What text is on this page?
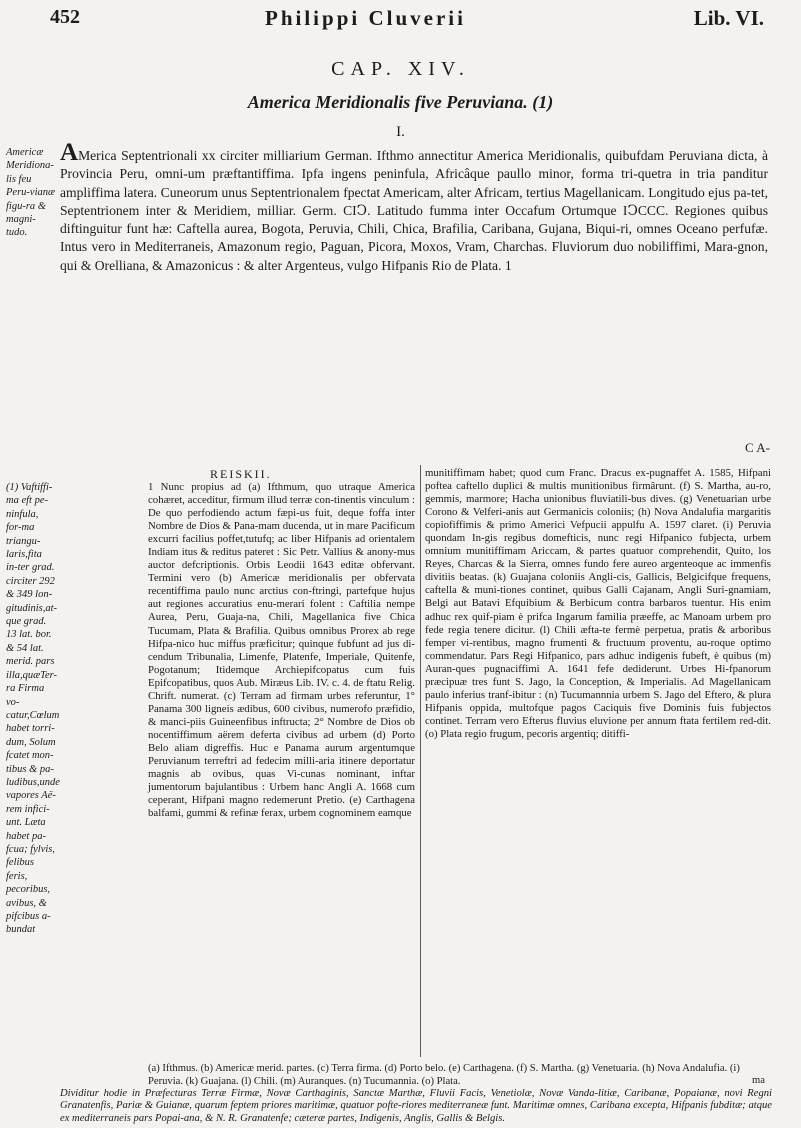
452	Philippi Cluverii	Lib. VI.
CAP. XIV.
America Meridionalis five Peruviana. (1)
I.
Americæ Meridiona-lis feu Peru-vianæ figu-ra & magni-tudo.
AMerica Septentrionali xx circiter milliarium German. Ifthmo annectitur America Meridionalis, quibufdam Peruviana dicta, à Provincia Peru, omni-um præftantiffima. Ipfa ingens peninfula, Africâque paullo minor, forma tri-quetra in tria panditur ampliffima latera. Cuneorum unus Septentrionalem fpectat Americam, alter Africam, tertius Magellanicam. Longitudo ejus pa-tet, Septentrionem inter & Meridiem, milliar. Germ. CIↃ. Latitudo fumma inter Occafum Ortumque IↃCCC. Regiones quibus diftinguitur funt hæ: Caftella aurea, Bogota, Peruvia, Chili, Chica, Brafilia, Caribana, Gujana, Biqui-ri, omnes Oceano perfufæ. Intus vero in Mediterraneis, Amazonum regio, Paguan, Picora, Moxos, Vram, Charchas. Fluviorum duo nobiliffimi, Mara-gnon, qui & Orelliana, & Amazonicus : & alter Argenteus, vulgo Hifpanis Rio de Plata. 1
C A-
REISKII.
(1) Vaftiffi-ma eft pe-ninfula, for-ma triangu-laris,fita in-ter grad. circiter 292 & 349 lon-gitudinis,at-que grad. 13 lat. bor. & 54 lat. merid. pars illa,quæTer-ra Firma vo-catur,Cœlum habet torri-dum, Solum fcatet mon-tibus & pa-ludibus,unde vapores Aë-rem infici-unt. Læta habet pa-fcua; fylvis, felibus feris, pecoribus, avibus, & pifcibus a-bundat
1 Nunc propius ad (a) Ifthmum, quo utraque America cohæret, acceditur, firmum illud terræ con-tinentis vinculum : De quo perfodiendo actum fæpi-us fuit, deque foffa inter Nombre de Dios & Pana-mam ducenda, ut in mare Pacificum excurri facilius poffet,tutufq; ac liber Hifpanis ad orientalem Indiam itus & reditus pateret : Sic Petr. Vallius & anony-mus auctor defcriptionis. Orbis Leodii 1643 editæ obfervant. Termini vero (b) Americæ meridionalis per obfervata recentiffima paulo nunc arctius con-ftringi, partefque hujus aut regiones accuratius enu-merari folent : Caftilia nempe Aurea, Peru, Guaja-na, Chili, Magellanica five Chica Tucumam, Plata & Brafilia. Quibus omnibus Prorex ab rege Hifpa-nico huc miffus præficitur; quinque fubfunt ad jus di-cendum Tribunalia, Limenfe, Platenfe, Imperiale, Quitenfe, Pogotanum; Itidemque Archiepifcopatus cum fuis Epifcopatibus, quos Aub. Miræus Lib. IV. c. 4. de ftatu Relig. Chrift. numerat. (c) Terram ad firmam urbes referuntur, 1° Panama 300 ligneis ædibus, 600 civibus, numerofo præfidio, & manci-piis Guineenfibus inftructa; 2° Nombre de Dios ob nocentiffimum aërem deferta civibus ad urbem (d) Porto Belo aliam digreffis. Huc e Panama aurum argentumque Peruvianum terreftri ad fedecim milli-aria itinere deportatur magnis ab ovibus, quas Vi-cunas nominant, inftar jumentorum bajulantibus : Urbem hanc Angli A. 1668 cum ceperant, Hifpani magno redemerunt Pretio. (e) Carthagena balfami, gummi & refinæ ferax, urbem cognominem eamque
munitiffimam habet; quod cum Franc. Dracus ex-pugnaffet A. 1585, Hifpani poftea caftello duplici & multis munitionibus firmârunt. (f) S. Martha, au-ro, gemmis, marmore; Hacha unionibus fluviatili-bus dives. (g) Venetuarian urbe Corono & Velferi-anis aut Germanicis coloniis; (h) Nova Andalufia margaritis copiofiffimis & primo Americi Vefpucii appulfu A. 1597 claret. (i) Peruvia quondam In-gis regibus domefticis, nunc regi Hifpanico fubjecta, urbem omnium munitiffimam Ariccam, & partes quatuor comprehendit, Quito, los Reyes, Charcas & la Sierra, omnes fundo fere aureo argenteoque ac immenfis divitiis beatas. (k) Guajana coloniis Angli-cis, Gallicis, Belgicifque frequens, caftella & muni-tiones continet, quibus Galli Cajanam, Angli Suri-gnamiam, Belgi aut Batavi Efquibium & Berbicum contra barbaros tuentur. His enim adhuc rex quif-piam è prifca Ingarum familia præeffe, ac Manoam urbem pro fede regia tenere dicitur. (l) Chili æfta-te fermè perpetua, pratis & arboribus femper vi-rentibus, magno frumenti & fructuum proventu, au-roque optimo commendatur. Pars Regi Hifpanico, pars adhuc indigenis fubeft, è quibus (m) Auran-ques pugnaciffimi A. 1641 fefe dediderunt. Urbes Hi-fpanorum præcipuæ tres funt S. Jago, la Conception, & Imperialis. Ad Magellanicam paulo inferius tranf-ibitur : (n) Tucumannnia urbem S. Jago del Eftero, & plura Hifpanis oppida, multofque pagos Caciquis five Dominis fuis fubjectos continet. Terram vero Efterus fluvius eluvione per annum ftata fertilem red-dit. (o) Plata regio frugum, pecoris argentiq; ditiffi-
(a) Ifthmus. (b) Americæ merid. partes. (c) Terra firma. (d) Porto belo. (e) Carthagena. (f) S. Martha. (g) Venetuaria. (h) Nova Andalufia. (i) Peruvia. (k) Guajana. (l) Chili. (m) Auranques. (n) Tucumannia. (o) Plata.	ma
Dividitur hodie in Præfecturas Terræ Firmæ, Novæ Carthaginis, Sanctæ Marthæ, Fluvii Facis, Venetiolæ, Novæ Vanda-litiæ, Caribanæ, Popaianæ, novi Regni Granatenfis, Pariæ & Guianæ, quarum feptem priores maritimæ, quatuor pofte-riores mediterraneæ funt. Maritimæ omnes, Caribana excepta, Hifpanis fubditæ; atque ex mediterraneis pars Popai-ana, & N. R. Granatenfe; cæteræ partes, Indigenis, Anglis, Gallis & Belgis.
